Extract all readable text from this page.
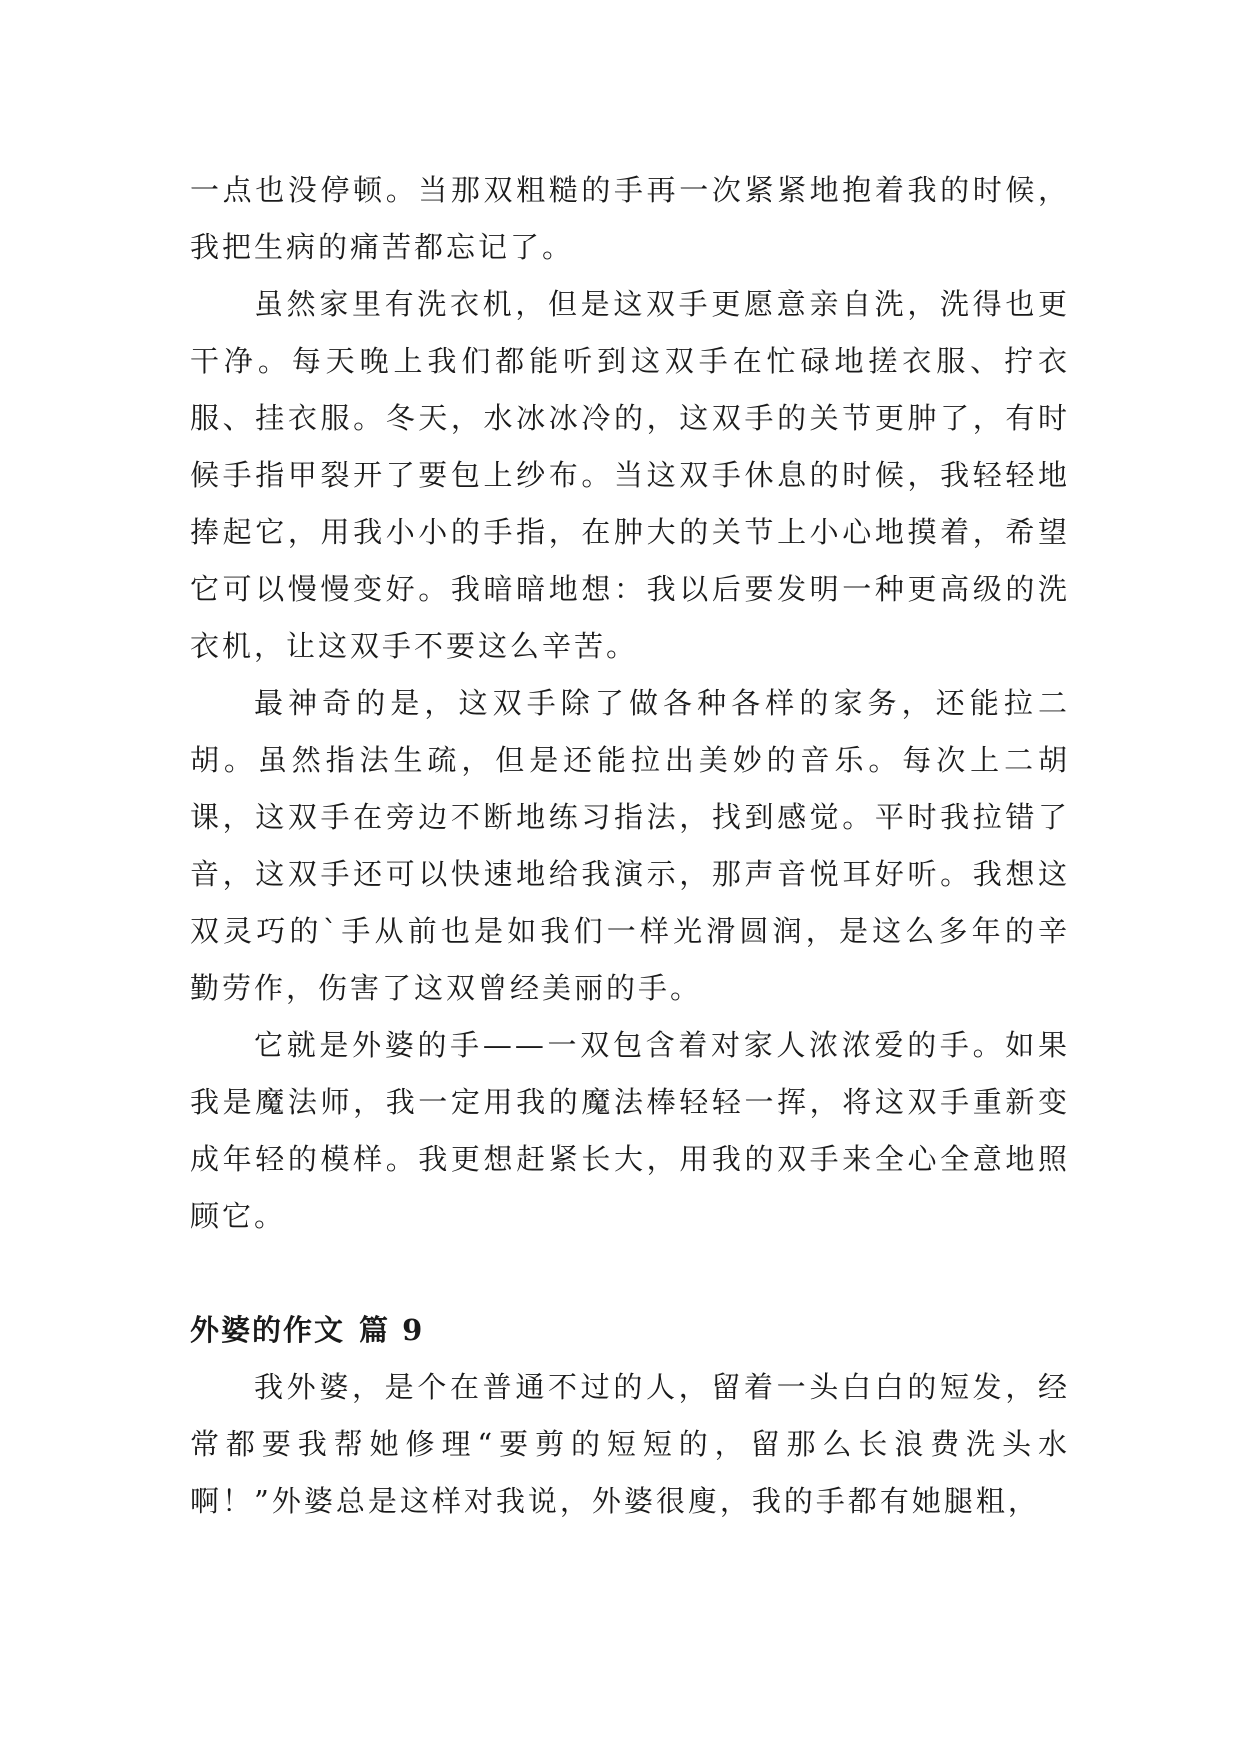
一点也没停顿。当那双粗糙的手再一次紧紧地抱着我的时候，我把生病的痛苦都忘记了。

虽然家里有洗衣机，但是这双手更愿意亲自洗，洗得也更干净。每天晚上我们都能听到这双手在忙碌地搓衣服、拧衣服、挂衣服。冬天，水冰冰冷的，这双手的关节更肿了，有时候手指甲裂开了要包上纱布。当这双手休息的时候，我轻轻地捧起它，用我小小的手指，在肿大的关节上小心地摸着，希望它可以慢慢变好。我暗暗地想：我以后要发明一种更高级的洗衣机，让这双手不要这么辛苦。

最神奇的是，这双手除了做各种各样的家务，还能拉二胡。虽然指法生疏，但是还能拉出美妙的音乐。每次上二胡课，这双手在旁边不断地练习指法，找到感觉。平时我拉错了音，这双手还可以快速地给我演示，那声音悦耳好听。我想这双灵巧的`手从前也是如我们一样光滑圆润，是这么多年的辛勤劳作，伤害了这双曾经美丽的手。

它就是外婆的手——一双包含着对家人浓浓爱的手。如果我是魔法师，我一定用我的魔法棒轻轻一挥，将这双手重新变成年轻的模样。我更想赶紧长大，用我的双手来全心全意地照顾它。

外婆的作文 篇 9

我外婆，是个在普通不过的人，留着一头白白的短发，经常都要我帮她修理“要剪的短短的，留那么长浪费洗头水啊！”外婆总是这样对我说，外婆很廋，我的手都有她腿粗，
